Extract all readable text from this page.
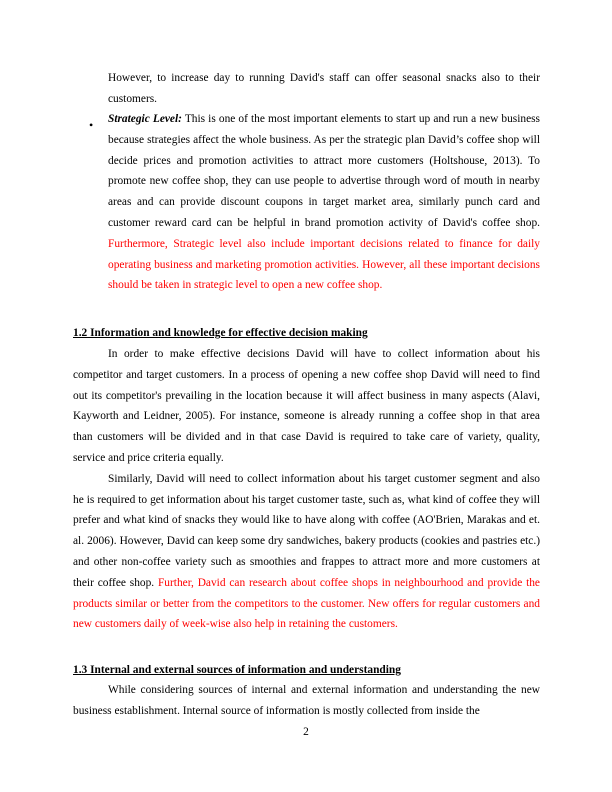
However, to increase day to running David's staff can offer seasonal snacks also to their customers.

• Strategic Level: This is one of the most important elements to start up and run a new business because strategies affect the whole business. As per the strategic plan David’s coffee shop will decide prices and promotion activities to attract more customers (Holtshouse, 2013). To promote new coffee shop, they can use people to advertise through word of mouth in nearby areas and can provide discount coupons in target market area, similarly punch card and customer reward card can be helpful in brand promotion activity of David's coffee shop. Furthermore, Strategic level also include important decisions related to finance for daily operating business and marketing promotion activities. However, all these important decisions should be taken in strategic level to open a new coffee shop.

1.2 Information and knowledge for effective decision making

In order to make effective decisions David will have to collect information about his competitor and target customers. In a process of opening a new coffee shop David will need to find out its competitor's prevailing in the location because it will affect business in many aspects (Alavi, Kayworth and Leidner, 2005). For instance, someone is already running a coffee shop in that area than customers will be divided and in that case David is required to take care of variety, quality, service and price criteria equally.

Similarly, David will need to collect information about his target customer segment and also he is required to get information about his target customer taste, such as, what kind of coffee they will prefer and what kind of snacks they would like to have along with coffee (AO'Brien, Marakas and et. al. 2006). However, David can keep some dry sandwiches, bakery products (cookies and pastries etc.) and other non-coffee variety such as smoothies and frappes to attract more and more customers at their coffee shop. Further, David can research about coffee shops in neighbourhood and provide the products similar or better from the competitors to the customer. New offers for regular customers and new customers daily of week-wise also help in retaining the customers.

1.3 Internal and external sources of information and understanding

While considering sources of internal and external information and understanding the new business establishment. Internal source of information is mostly collected from inside the

2
